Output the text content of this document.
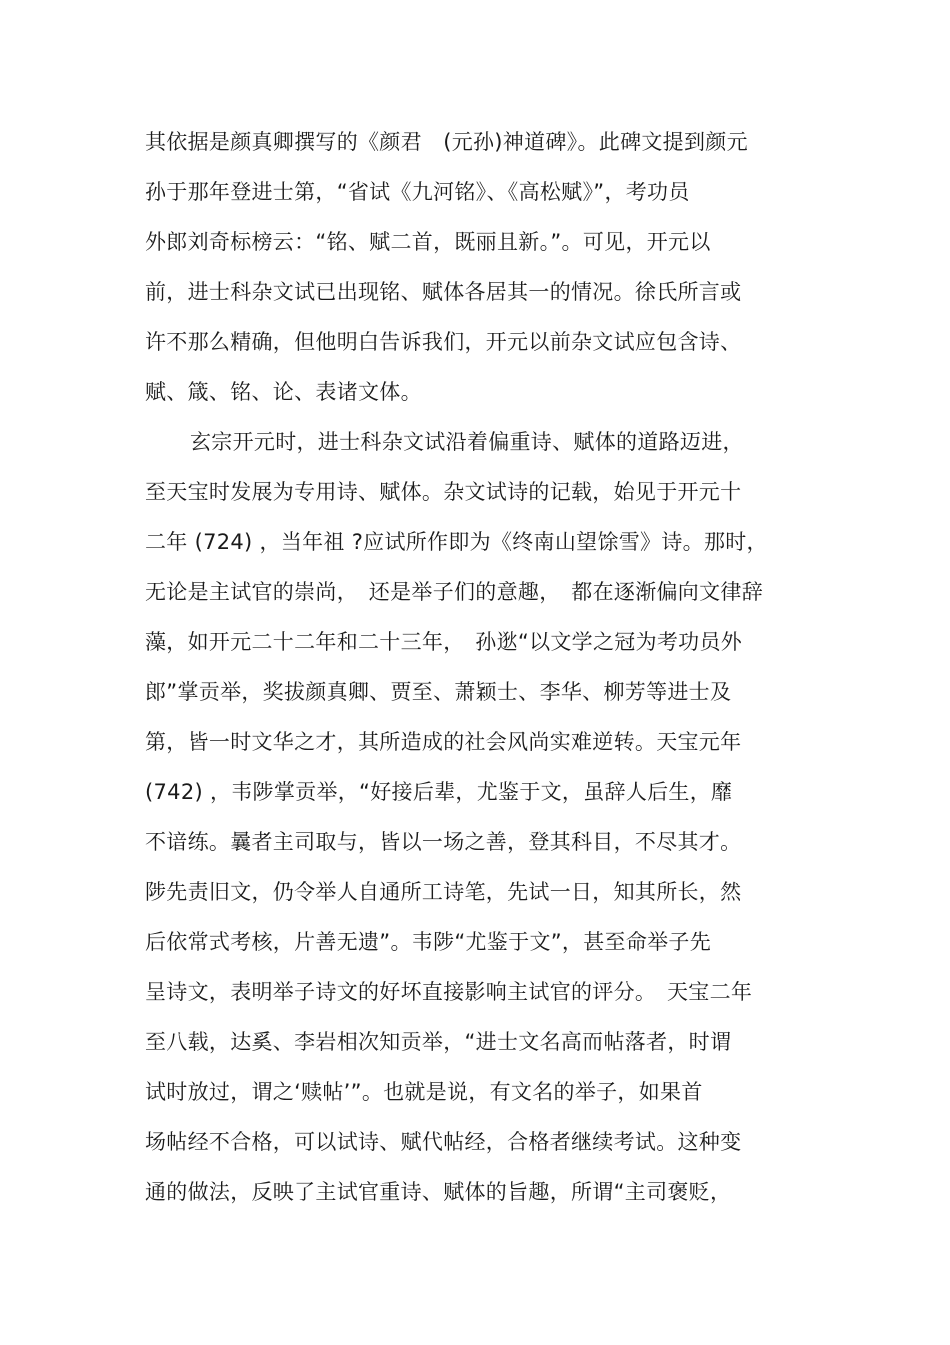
其依据是颜真卿撰写的《颜君　(元孙)神道碑》。此碑文提到颜元
孙于那年登进士第，“省试《九河铭》、《高松赋》”，考功员
外郎刘奇标榜云：“铭、赋二首，既丽且新。”。可见，开元以
前，进士科杂文试已出现铭、赋体各居其一的情况。徐氏所言或
许不那么精确，但他明白告诉我们，开元以前杂文试应包含诗、
赋、箴、铭、论、表诸文体。
玄宗开元时，进士科杂文试沿着偏重诗、赋体的道路迈进，
至天宝时发展为专用诗、赋体。杂文试诗的记载，始见于开元十
二年 (724) ，当年祖 ?应试所作即为《终南山望馀雪》诗。那时，
无论是主试官的崇尚，　还是举子们的意趣，　都在逐渐偏向文律辞
藻，如开元二十二年和二十三年，　孙逖“以文学之冠为考功员外
郎”掌贡举，奖拔颜真卿、贾至、萧颖士、李华、柳芳等进士及
第，皆一时文华之才，其所造成的社会风尚实难逆转。天宝元年
(742) ，韦陟掌贡举，“好接后辈，尤鉴于文，虽辞人后生，靡
不谙练。曩者主司取与，皆以一场之善，登其科目，不尽其才。
陟先责旧文，仍令举人自通所工诗笔，先试一日，知其所长，然
后依常式考核，片善无遗”。韦陟“尤鉴于文”，甚至命举子先
呈诗文，表明举子诗文的好坏直接影响主试官的评分。　天宝二年
至八载，达奚、李岩相次知贡举，“进士文名高而帖落者，时谓
试时放过，谓之‘赎帖’”。也就是说，有文名的举子，如果首
场帖经不合格，可以试诗、赋代帖经，合格者继续考试。这种变
通的做法，反映了主试官重诗、赋体的旨趣，所谓“主司褒贬，
